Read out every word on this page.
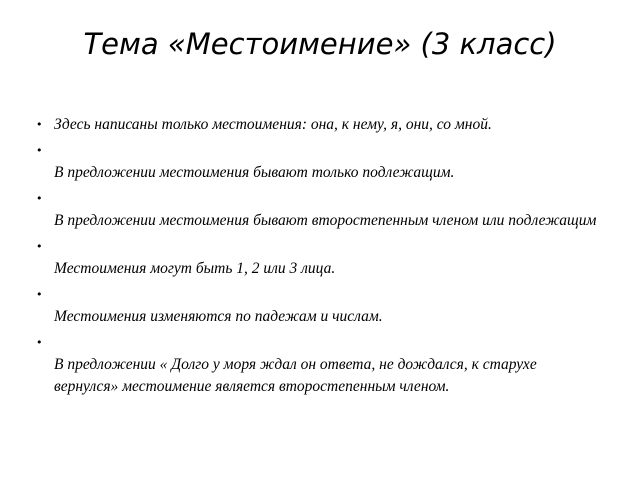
Тема «Местоимение» (3 класс)
• Здесь написаны только местоимения: она, к нему, я, они, со мной.
•
В предложении местоимения бывают только подлежащим.
•
В предложении местоимения бывают второстепенным членом или подлежащим
•
Местоимения могут быть 1, 2 или 3 лица.
•
Местоимения изменяются по падежам и числам.
•
В предложении « Долго у моря ждал он ответа, не дождался, к старухе вернулся» местоимение является второстепенным членом.
